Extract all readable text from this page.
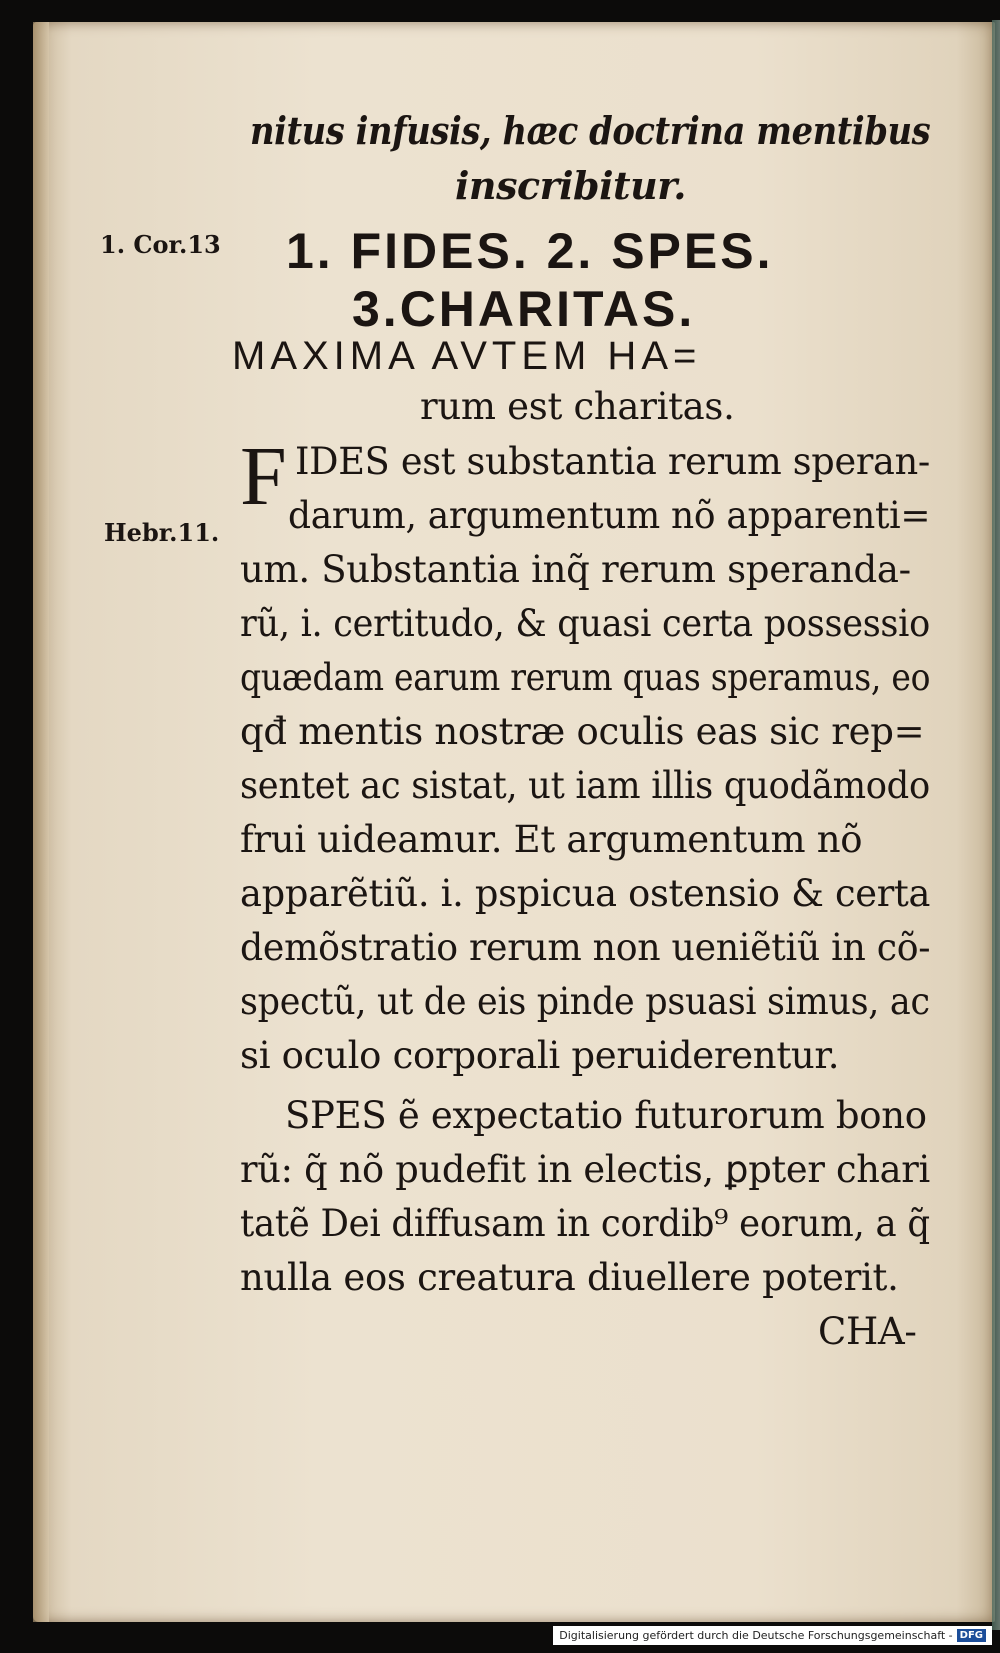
nitus infusis, hæc doctrina mentibus
inscribitur.
1. Cor.13
Hebr.11.
1. FIDES. 2. SPES.
3.CHARITAS.
MAXIMA AVTEM HA=
rum est charitas.
F IDES est substantia rerum speran-
darum, argumentum nõ apparenti=
um. Substantia inq̃ rerum speranda-
rũ, i. certitudo, & quasi certa possessio
quædam earum rerum quas speramus, eo
qđ mentis nostræ oculis eas sic rep=
sentet ac sistat, ut iam illis quodãmodo
frui uideamur. Et argumentum nõ
apparẽtiũ. i. pspicua ostensio & certa
demõstratio rerum non ueniẽtiũ in cõ-
spectũ, ut de eis pinde psuasi simus, ac
si oculo corporali peruiderentur.
SPES ẽ expectatio futurorum bono
rũ: q̃ nõ pudefit in electis, ꝑpter chari
tatẽ Dei diffusam in cordib⁹ eorum, a q̃
nulla eos creatura diuellere poterit.
CHA-
Digitalisierung gefördert durch die Deutsche Forschungsgemeinschaft - DFG
